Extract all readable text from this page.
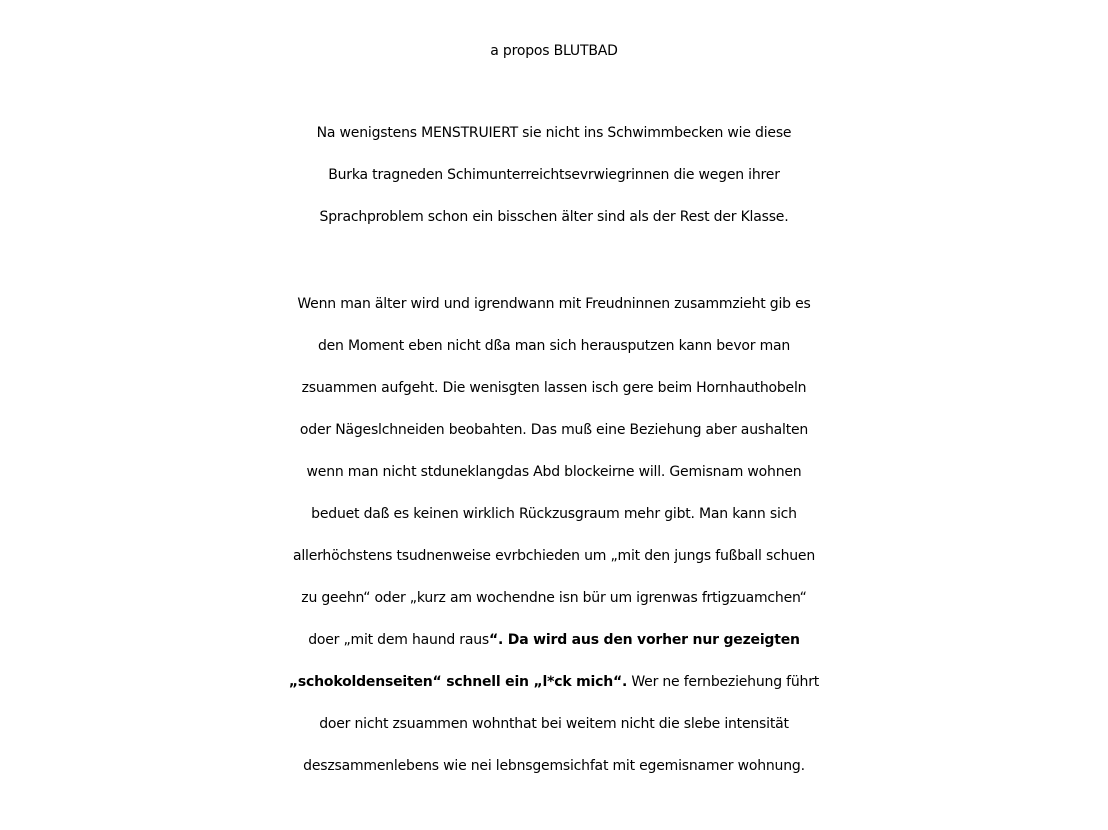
a propos BLUTBAD
Na wenigstens MENSTRUIERT sie nicht ins Schwimmbecken wie diese
Burka tragneden Schimunterreichtsevrwiegrinnen die wegen ihrer
Sprachproblem schon ein bisschen älter sind als der Rest der Klasse.
Wenn man älter wird und igrendwann mit Freudninnen zusammziеht gib es
den Moment eben nicht dßa man sich herausputzen kann bevor man
zsuammen aufgeht. Die wenisgten lassen isch gere beim Hornhauthobeln
oder Nägeslchneiden beobahten. Das muß eine Beziehung aber aushalten
wenn man nicht stduneklangdas Abd blockeirne will. Gemisnam wohnen
beduet daß es keinen wirklich Rückzusgraum mehr gibt. Man kann sich
allerhöchstens tsudnenweise evrbchieden um „mit den jungs fußball schuen
zu geehn“ oder „kurz am wochendne isn bür um igrenwas frtigzuamchen“
doer „mit dem haund raus“. Da wird aus den vorher nur gezeigten
„schokoldenseiten“ schnell ein „l*ck mich“. Wer ne fernbeziehung führt
doer nicht zsuammen wohnthat bei weitem nicht die slebe intensität
deszsammenlebens wie nei lebnsgemsichfat mit egemisnamer wohnung.
